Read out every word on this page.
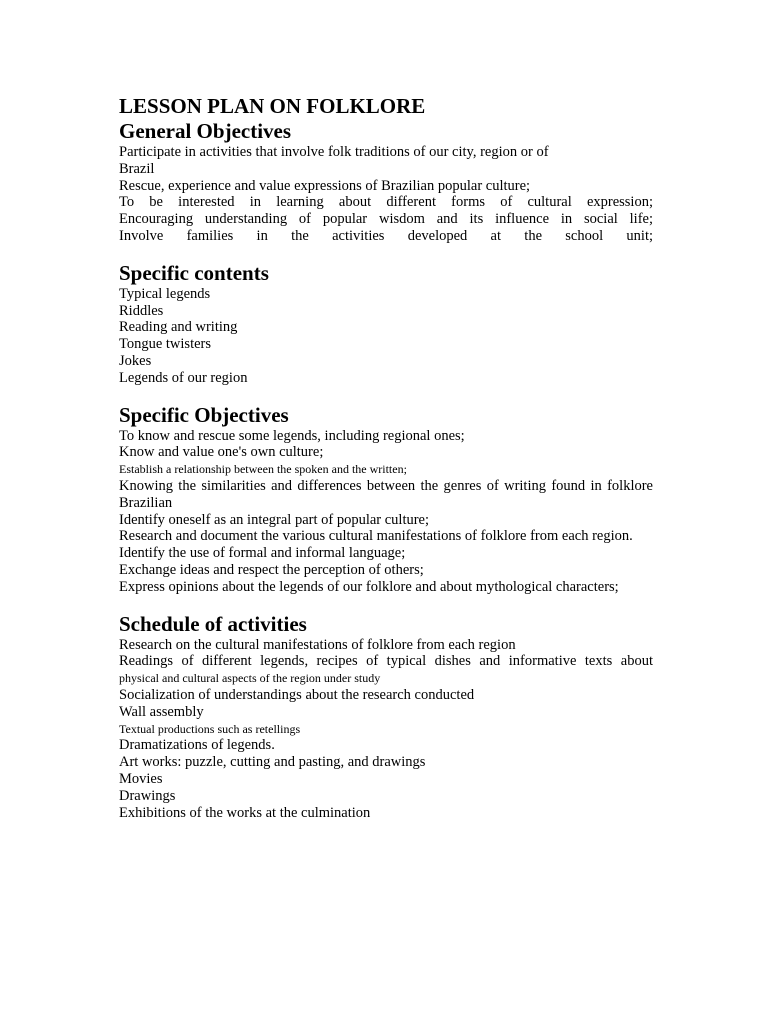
LESSON PLAN ON FOLKLORE
General Objectives
Participate in activities that involve folk traditions of our city, region or of
Brazil
Rescue, experience and value expressions of Brazilian popular culture;
To be interested in learning about different forms of cultural expression;
Encouraging understanding of popular wisdom and its influence in social life;
Involve families in the activities developed at the school unit;
Specific contents
Typical legends
Riddles
Reading and writing
Tongue twisters
Jokes
Legends of our region
Specific Objectives
To know and rescue some legends, including regional ones;
Know and value one's own culture;
Establish a relationship between the spoken and the written;
Knowing the similarities and differences between the genres of writing found in folklore
Brazilian
Identify oneself as an integral part of popular culture;
Research and document the various cultural manifestations of folklore from each region.
Identify the use of formal and informal language;
Exchange ideas and respect the perception of others;
Express opinions about the legends of our folklore and about mythological characters;
Schedule of activities
Research on the cultural manifestations of folklore from each region
Readings of different legends, recipes of typical dishes and informative texts about
physical and cultural aspects of the region under study
Socialization of understandings about the research conducted
Wall assembly
Textual productions such as retellings
Dramatizations of legends.
Art works: puzzle, cutting and pasting, and drawings
Movies
Drawings
Exhibitions of the works at the culmination
